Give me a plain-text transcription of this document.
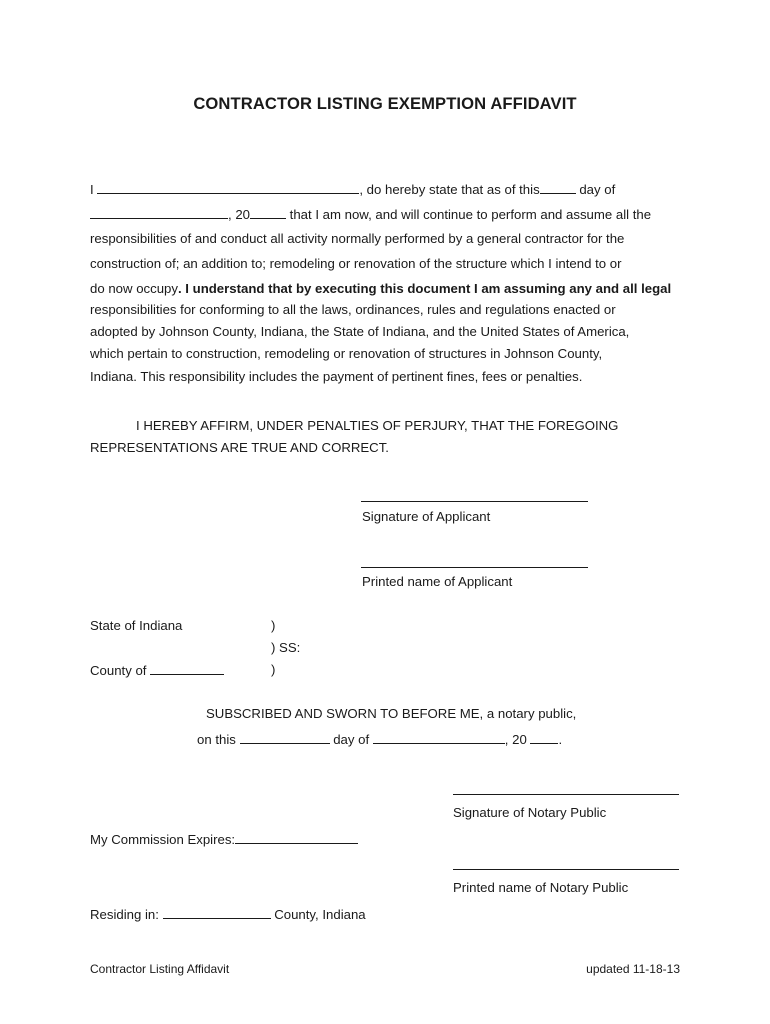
CONTRACTOR LISTING EXEMPTION AFFIDAVIT
I	, do hereby state that as of this	day of
, 20	that I am now, and will continue to perform and assume all the
responsibilities of and conduct all activity normally performed by a general contractor for the
construction of; an addition to; remodeling or renovation of the structure which I intend to or
do now occupy. I understand that by executing this document I am assuming any and all legal
responsibilities for conforming to all the laws, ordinances, rules and regulations enacted or
adopted by Johnson County, Indiana, the State of Indiana, and the United States of America,
which pertain to construction, remodeling or renovation of structures in Johnson County,
Indiana. This responsibility includes the payment of pertinent fines, fees or penalties.
I HEREBY AFFIRM, UNDER PENALTIES OF PERJURY, THAT THE FOREGOING
REPRESENTATIONS ARE TRUE AND CORRECT.
Signature of Applicant
Printed name of Applicant
State of Indiana	)
) SS:
County of	)
SUBSCRIBED AND SWORN TO BEFORE ME, a notary public,
on this	day of	, 20 .
Signature of Notary Public
My Commission Expires:
Printed name of Notary Public
Residing in:	County, Indiana
Contractor Listing Affidavit	updated 11-18-13
